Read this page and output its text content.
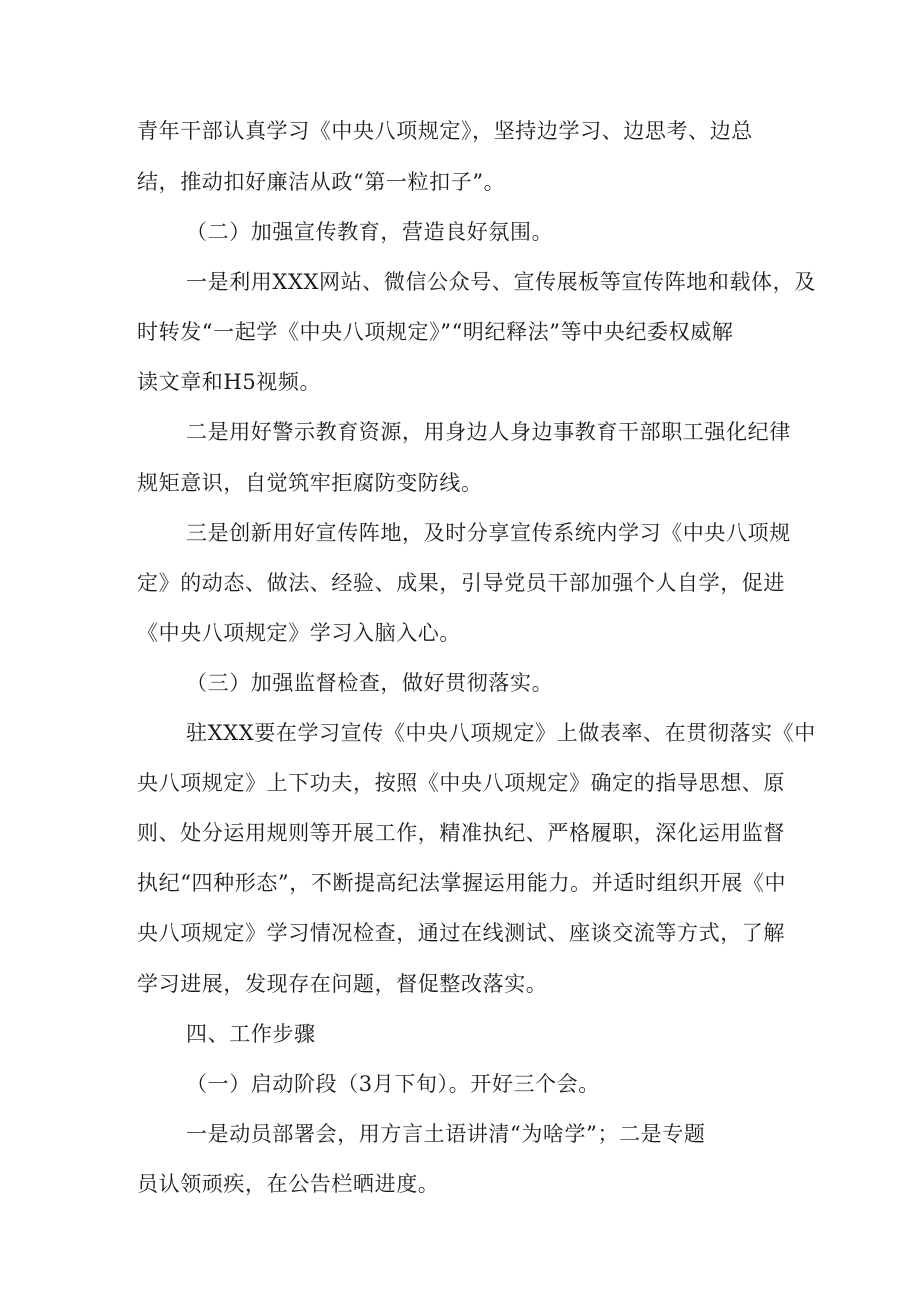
青年干部认真学习《中央八项规定》，坚持边学习、边思考、边总
结，推动扣好廉洁从政“第一粒扣子”。
（二）加强宣传教育，营造良好氛围。
一是利用XXX网站、微信公众号、宣传展板等宣传阵地和载体，及
时转发“一起学《中央八项规定》”“明纪释法”等中央纪委权威解
读文章和H5视频。
二是用好警示教育资源，用身边人身边事教育干部职工强化纪律
规矩意识，自觉筑牢拒腐防变防线。
三是创新用好宣传阵地，及时分享宣传系统内学习《中央八项规
定》的动态、做法、经验、成果，引导党员干部加强个人自学，促进
《中央八项规定》学习入脑入心。
（三）加强监督检查，做好贯彻落实。
驻XXX要在学习宣传《中央八项规定》上做表率、在贯彻落实《中
央八项规定》上下功夫，按照《中央八项规定》确定的指导思想、原
则、处分运用规则等开展工作，精准执纪、严格履职，深化运用监督
执纪“四种形态”，不断提高纪法掌握运用能力。并适时组织开展《中
央八项规定》学习情况检查，通过在线测试、座谈交流等方式，了解
学习进展，发现存在问题，督促整改落实。
四、工作步骤
（一）启动阶段（3月下旬）。开好三个会。
一是动员部署会，用方言土语讲清“为啥学”；二是专题
员认领顽疾，在公告栏晒进度。
